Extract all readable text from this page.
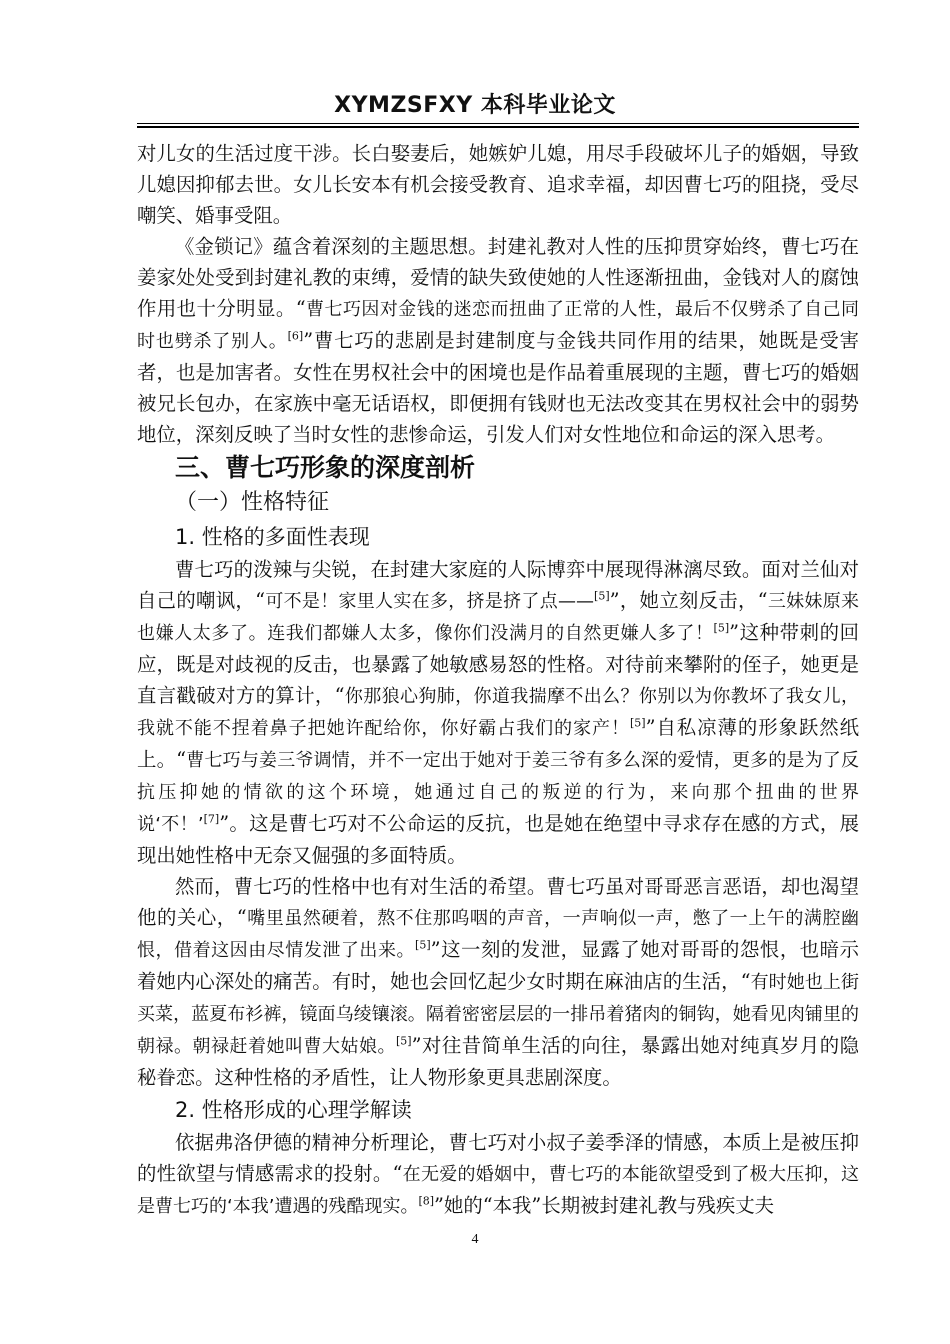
XYMZSFXY 本科毕业论文

对儿女的生活过度干涉。长白娶妻后，她嫉妒儿媳，用尽手段破坏儿子的婚姻，导致儿媳因抑郁去世。女儿长安本有机会接受教育、追求幸福，却因曹七巧的阻挠，受尽嘲笑、婚事受阻。

《金锁记》蕴含着深刻的主题思想。封建礼教对人性的压抑贯穿始终，曹七巧在姜家处处受到封建礼教的束缚，爱情的缺失致使她的人性逐渐扭曲，金钱对人的腐蚀作用也十分明显。“曹七巧因对金钱的迷恋而扭曲了正常的人性，最后不仅劈杀了自己同时也劈杀了别人。[6]”曹七巧的悲剧是封建制度与金钱共同作用的结果，她既是受害者，也是加害者。女性在男权社会中的困境也是作品着重展现的主题，曹七巧的婚姻被兄长包办，在家族中毫无话语权，即便拥有钱财也无法改变其在男权社会中的弱势地位，深刻反映了当时女性的悲惨命运，引发人们对女性地位和命运的深入思考。

三、曹七巧形象的深度剖析
（一）性格特征
1. 性格的多面性表现

曹七巧的泼辣与尖锐，在封建大家庭的人际博弈中展现得淋漓尽致。面对兰仙对自己的嘲讽，“可不是！家里人实在多，挤是挤了点——[5]”，她立刻反击，“三妹妹原来也嫌人太多了。连我们都嫌人太多，像你们没满月的自然更嫌人多了！[5]”这种带刺的回应，既是对歧视的反击，也暴露了她敏感易怒的性格。对待前来攀附的侄子，她更是直言戳破对方的算计，“你那狼心狗肺，你道我揣摩不出么？你别以为你教坏了我女儿，我就不能不捏着鼻子把她许配给你，你好霸占我们的家产！[5]”自私凉薄的形象跃然纸上。“曹七巧与姜三爷调情，并不一定出于她对于姜三爷有多么深的爱情，更多的是为了反抗压抑她的情欲的这个环境，她通过自己的叛逆的行为，来向那个扭曲的世界说‘不！’[7]”。这是曹七巧对不公命运的反抗，也是她在绝望中寻求存在感的方式，展现出她性格中无奈又倔强的多面特质。

然而，曹七巧的性格中也有对生活的希望。曹七巧虽对哥哥恶言恶语，却也渴望他的关心，“嘴里虽然硬着，熬不住那呜咽的声音，一声响似一声，憋了一上午的满腔幽恨，借着这因由尽情发泄了出来。[5]”这一刻的发泄，显露了她对哥哥的怨恨，也暗示着她内心深处的痛苦。有时，她也会回忆起少女时期在麻油店的生活，“有时她也上街买菜，蓝夏布衫裤，镜面乌绫镶滚。隔着密密层层的一排吊着猪肉的铜钩，她看见肉铺里的朝禄。朝禄赶着她叫曹大姑娘。[5]”对往昔简单生活的向往，暴露出她对纯真岁月的隐秘眷恋。这种性格的矛盾性，让人物形象更具悲剧深度。

2. 性格形成的心理学解读

依据弗洛伊德的精神分析理论，曹七巧对小叔子姜季泽的情感，本质上是被压抑的性欲望与情感需求的投射。“在无爱的婚姻中，曹七巧的本能欲望受到了极大压抑，这是曹七巧的‘本我’遭遇的残酷现实。[8]”她的“本我”长期被封建礼教与残疾丈夫

4
